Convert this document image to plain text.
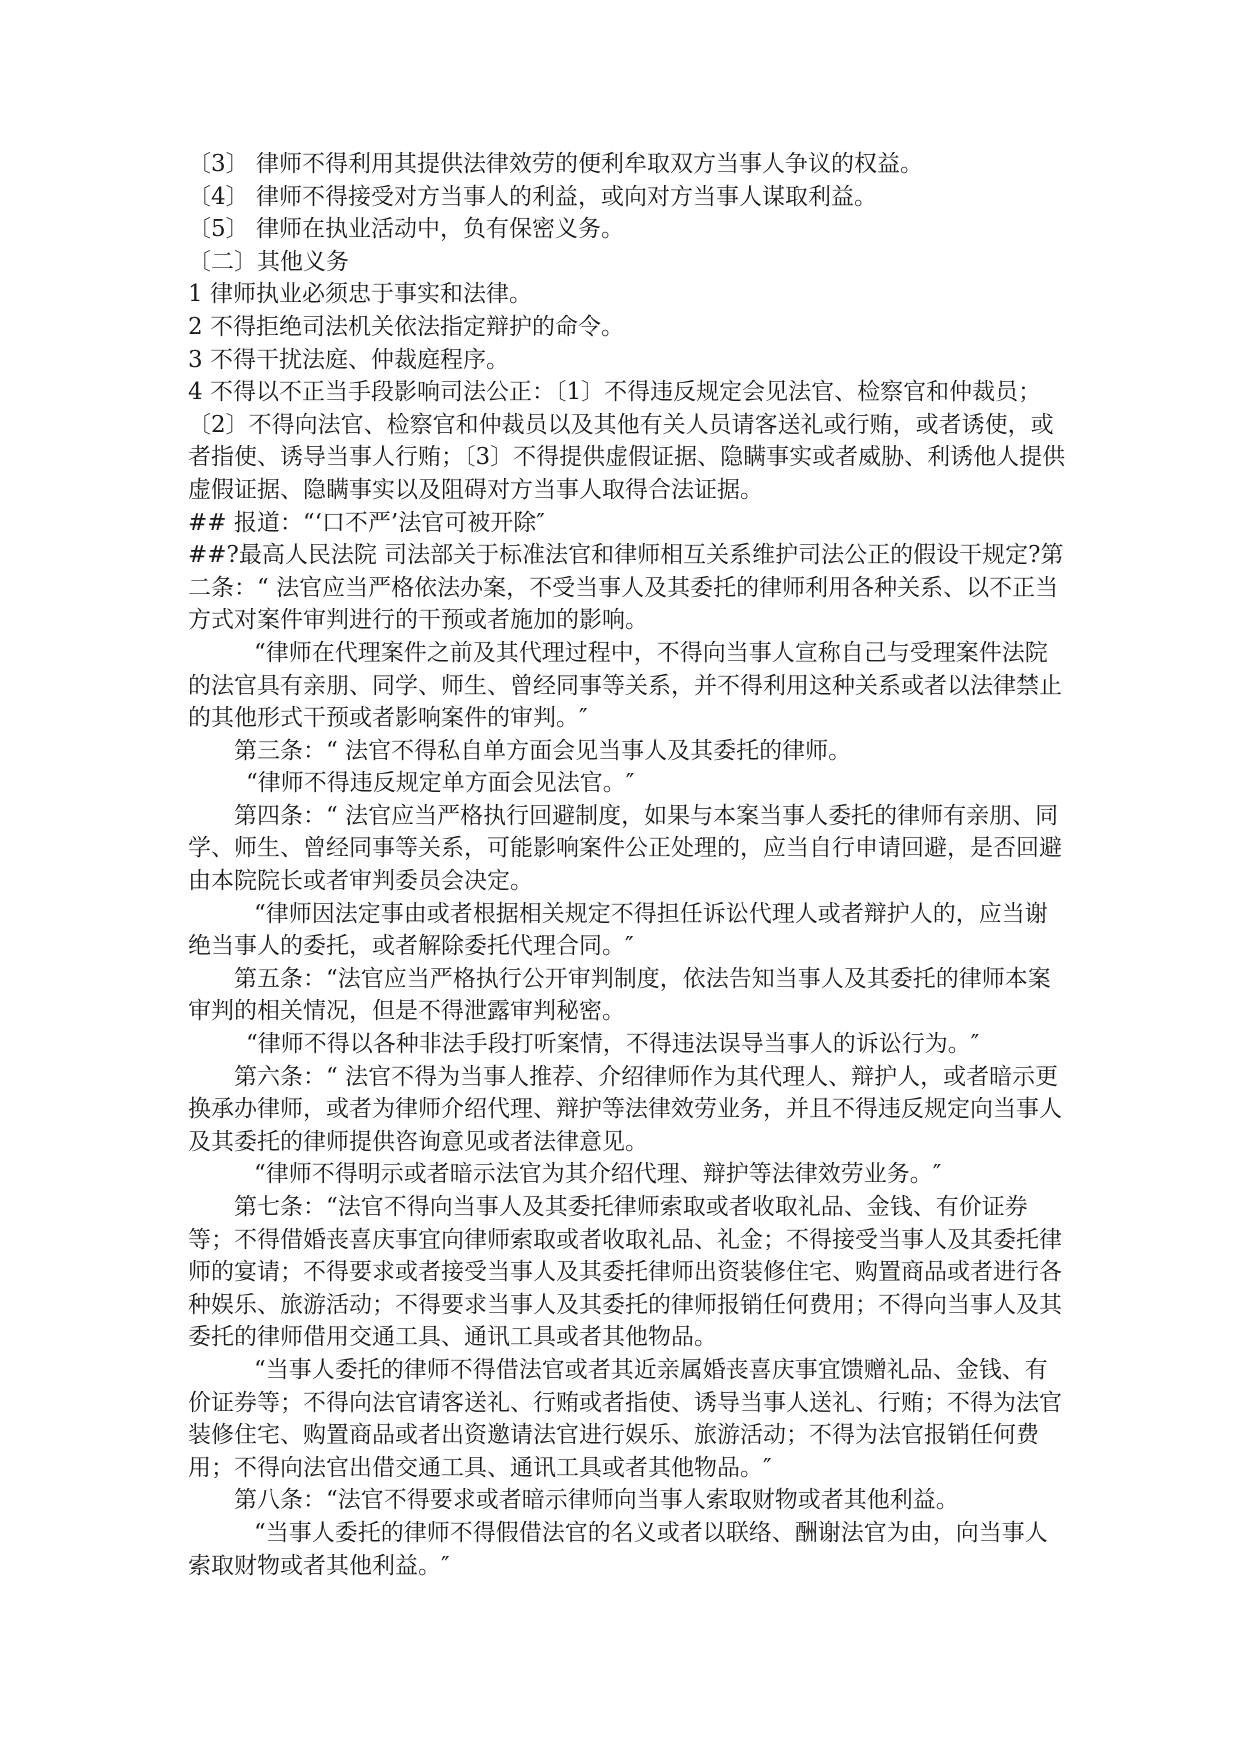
〔3〕 律师不得利用其提供法律效劳的便利牟取双方当事人争议的权益。

〔4〕 律师不得接受对方当事人的利益，或向对方当事人谋取利益。

〔5〕 律师在执业活动中，负有保密义务。

〔二〕其他义务

1 律师执业必须忠于事实和法律。

2 不得拒绝司法机关依法指定辩护的命令。

3 不得干扰法庭、仲裁庭程序。

4 不得以不正当手段影响司法公正：〔1〕不得违反规定会见法官、检察官和仲裁员；〔2〕不得向法官、检察官和仲裁员以及其他有关人员请客送礼或行贿，或者诱使，或者指使、诱导当事人行贿；〔3〕不得提供虚假证据、隐瞒事实或者威胁、利诱他人提供虚假证据、隐瞒事实以及阻碍对方当事人取得合法证据。

## 报道：“‘口不严’法官可被开除″

##?最高人民法院 司法部关于标准法官和律师相互关系维护司法公正的假设干规定?第二条：“ 法官应当严格依法办案，不受当事人及其委托的律师利用各种关系、以不正当方式对案件审判进行的干预或者施加的影响。

“律师在代理案件之前及其代理过程中，不得向当事人宣称自己与受理案件法院的法官具有亲朋、同学、师生、曾经同事等关系，并不得利用这种关系或者以法律禁止的其他形式干预或者影响案件的审判。″

第三条：“ 法官不得私自单方面会见当事人及其委托的律师。

“律师不得违反规定单方面会见法官。″

第四条：“ 法官应当严格执行回避制度，如果与本案当事人委托的律师有亲朋、同学、师生、曾经同事等关系，可能影响案件公正处理的，应当自行申请回避，是否回避由本院院长或者审判委员会决定。

“律师因法定事由或者根据相关规定不得担任诉讼代理人或者辩护人的，应当谢绝当事人的委托，或者解除委托代理合同。″

第五条：“法官应当严格执行公开审判制度，依法告知当事人及其委托的律师本案审判的相关情况，但是不得泄露审判秘密。

“律师不得以各种非法手段打听案情，不得违法误导当事人的诉讼行为。″

第六条：“ 法官不得为当事人推荐、介绍律师作为其代理人、辩护人，或者暗示更换承办律师，或者为律师介绍代理、辩护等法律效劳业务，并且不得违反规定向当事人及其委托的律师提供咨询意见或者法律意见。

“律师不得明示或者暗示法官为其介绍代理、辩护等法律效劳业务。″

第七条：“法官不得向当事人及其委托律师索取或者收取礼品、金钱、有价证券等；不得借婚丧喜庆事宜向律师索取或者收取礼品、礼金；不得接受当事人及其委托律师的宴请；不得要求或者接受当事人及其委托律师出资装修住宅、购置商品或者进行各种娱乐、旅游活动；不得要求当事人及其委托的律师报销任何费用；不得向当事人及其委托的律师借用交通工具、通讯工具或者其他物品。

“当事人委托的律师不得借法官或者其近亲属婚丧喜庆事宜馈赠礼品、金钱、有价证券等；不得向法官请客送礼、行贿或者指使、诱导当事人送礼、行贿；不得为法官装修住宅、购置商品或者出资邀请法官进行娱乐、旅游活动；不得为法官报销任何费用；不得向法官出借交通工具、通讯工具或者其他物品。″

第八条：“法官不得要求或者暗示律师向当事人索取财物或者其他利益。

“当事人委托的律师不得假借法官的名义或者以联络、酬谢法官为由，向当事人索取财物或者其他利益。″
